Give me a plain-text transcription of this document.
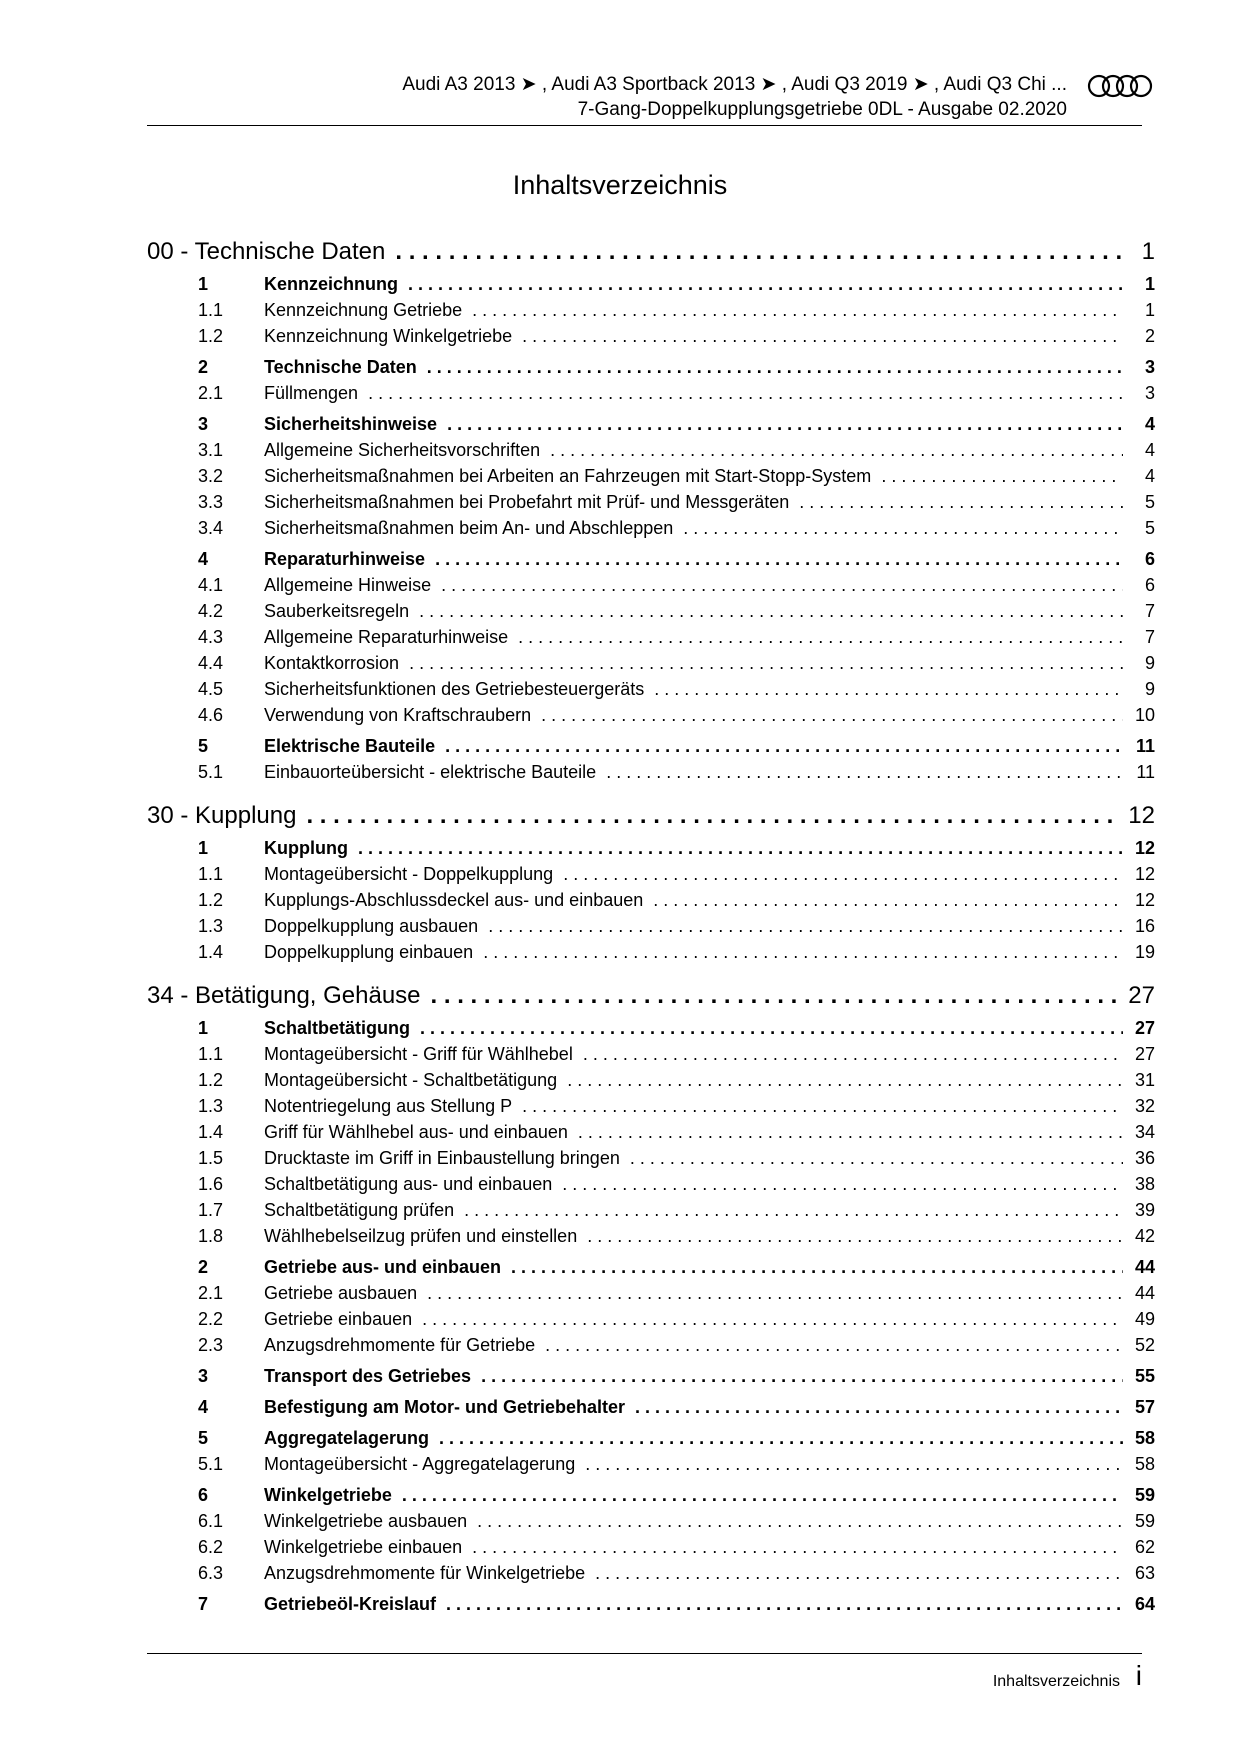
Audi A3 2013 ➤ , Audi A3 Sportback 2013 ➤ , Audi Q3 2019 ➤ , Audi Q3 Chi ...
7-Gang-Doppelkupplungsgetriebe 0DL - Ausgabe 02.2020
Inhaltsverzeichnis
00 - Technische Daten . . .	1
1	Kennzeichnung . . .	1
1.1	Kennzeichnung Getriebe . . .	1
1.2	Kennzeichnung Winkelgetriebe . . .	2
2	Technische Daten . . .	3
2.1	Füllmengen . . .	3
3	Sicherheitshinweise . . .	4
3.1	Allgemeine Sicherheitsvorschriften . . .	4
3.2	Sicherheitsmaßnahmen bei Arbeiten an Fahrzeugen mit Start-Stopp-System . . .	4
3.3	Sicherheitsmaßnahmen bei Probefahrt mit Prüf- und Messgeräten . . .	5
3.4	Sicherheitsmaßnahmen beim An- und Abschleppen . . .	5
4	Reparaturhinweise . . .	6
4.1	Allgemeine Hinweise . . .	6
4.2	Sauberkeitsregeln . . .	7
4.3	Allgemeine Reparaturhinweise . . .	7
4.4	Kontaktkorrosion . . .	9
4.5	Sicherheitsfunktionen des Getriebesteuergeräts . . .	9
4.6	Verwendung von Kraftschraubern . . .	10
5	Elektrische Bauteile . . .	11
5.1	Einbauorteübersicht - elektrische Bauteile . . .	11
30 - Kupplung . . .	12
1	Kupplung . . .	12
1.1	Montageübersicht - Doppelkupplung . . .	12
1.2	Kupplungs-Abschlussdeckel aus- und einbauen . . .	12
1.3	Doppelkupplung ausbauen . . .	16
1.4	Doppelkupplung einbauen . . .	19
34 - Betätigung, Gehäuse . . .	27
1	Schaltbetätigung . . .	27
1.1	Montageübersicht - Griff für Wählhebel . . .	27
1.2	Montageübersicht - Schaltbetätigung . . .	31
1.3	Notentriegelung aus Stellung P . . .	32
1.4	Griff für Wählhebel aus- und einbauen . . .	34
1.5	Drucktaste im Griff in Einbaustellung bringen . . .	36
1.6	Schaltbetätigung aus- und einbauen . . .	38
1.7	Schaltbetätigung prüfen . . .	39
1.8	Wählhebelseilzug prüfen und einstellen . . .	42
2	Getriebe aus- und einbauen . . .	44
2.1	Getriebe ausbauen . . .	44
2.2	Getriebe einbauen . . .	49
2.3	Anzugsdrehmomente für Getriebe . . .	52
3	Transport des Getriebes . . .	55
4	Befestigung am Motor- und Getriebehalter . . .	57
5	Aggregatelagerung . . .	58
5.1	Montageübersicht - Aggregatelagerung . . .	58
6	Winkelgetriebe . . .	59
6.1	Winkelgetriebe ausbauen . . .	59
6.2	Winkelgetriebe einbauen . . .	62
6.3	Anzugsdrehmomente für Winkelgetriebe . . .	63
7	Getriebeöl-Kreislauf . . .	64
Inhaltsverzeichnis i
